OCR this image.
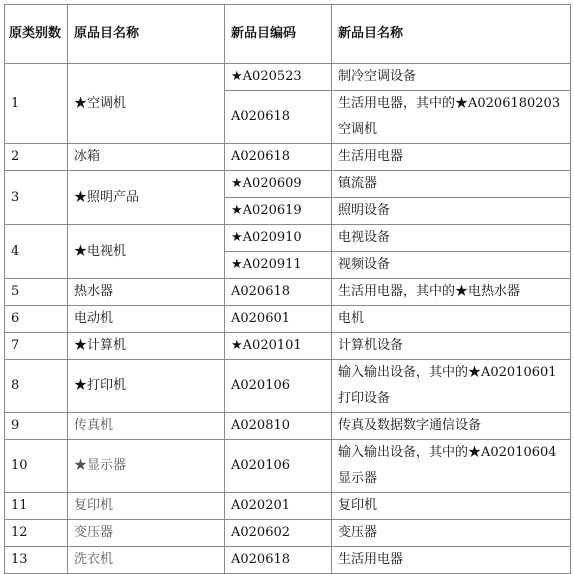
原类别数	原品目名称	新品目编码	新品目名称
1	★空调机	★A020523	制冷空调设备
		A020618	生活用电器，其中的★A0206180203空调机
2	冰箱	A020618	生活用电器
3	★照明产品	★A020609	镇流器
		★A020619	照明设备
4	★电视机	★A020910	电视设备
		★A020911	视频设备
5	热水器	A020618	生活用电器，其中的★电热水器
6	电动机	A020601	电机
7	★计算机	★A020101	计算机设备
8	★打印机	A020106	输入输出设备，其中的★A02010601打印设备
9	传真机	A020810	传真及数据数字通信设备
10	★显示器	A020106	输入输出设备，其中的★A02010604显示器
11	复印机	A020201	复印机
12	变压器	A020602	变压器
13	洗衣机	A020618	生活用电器
